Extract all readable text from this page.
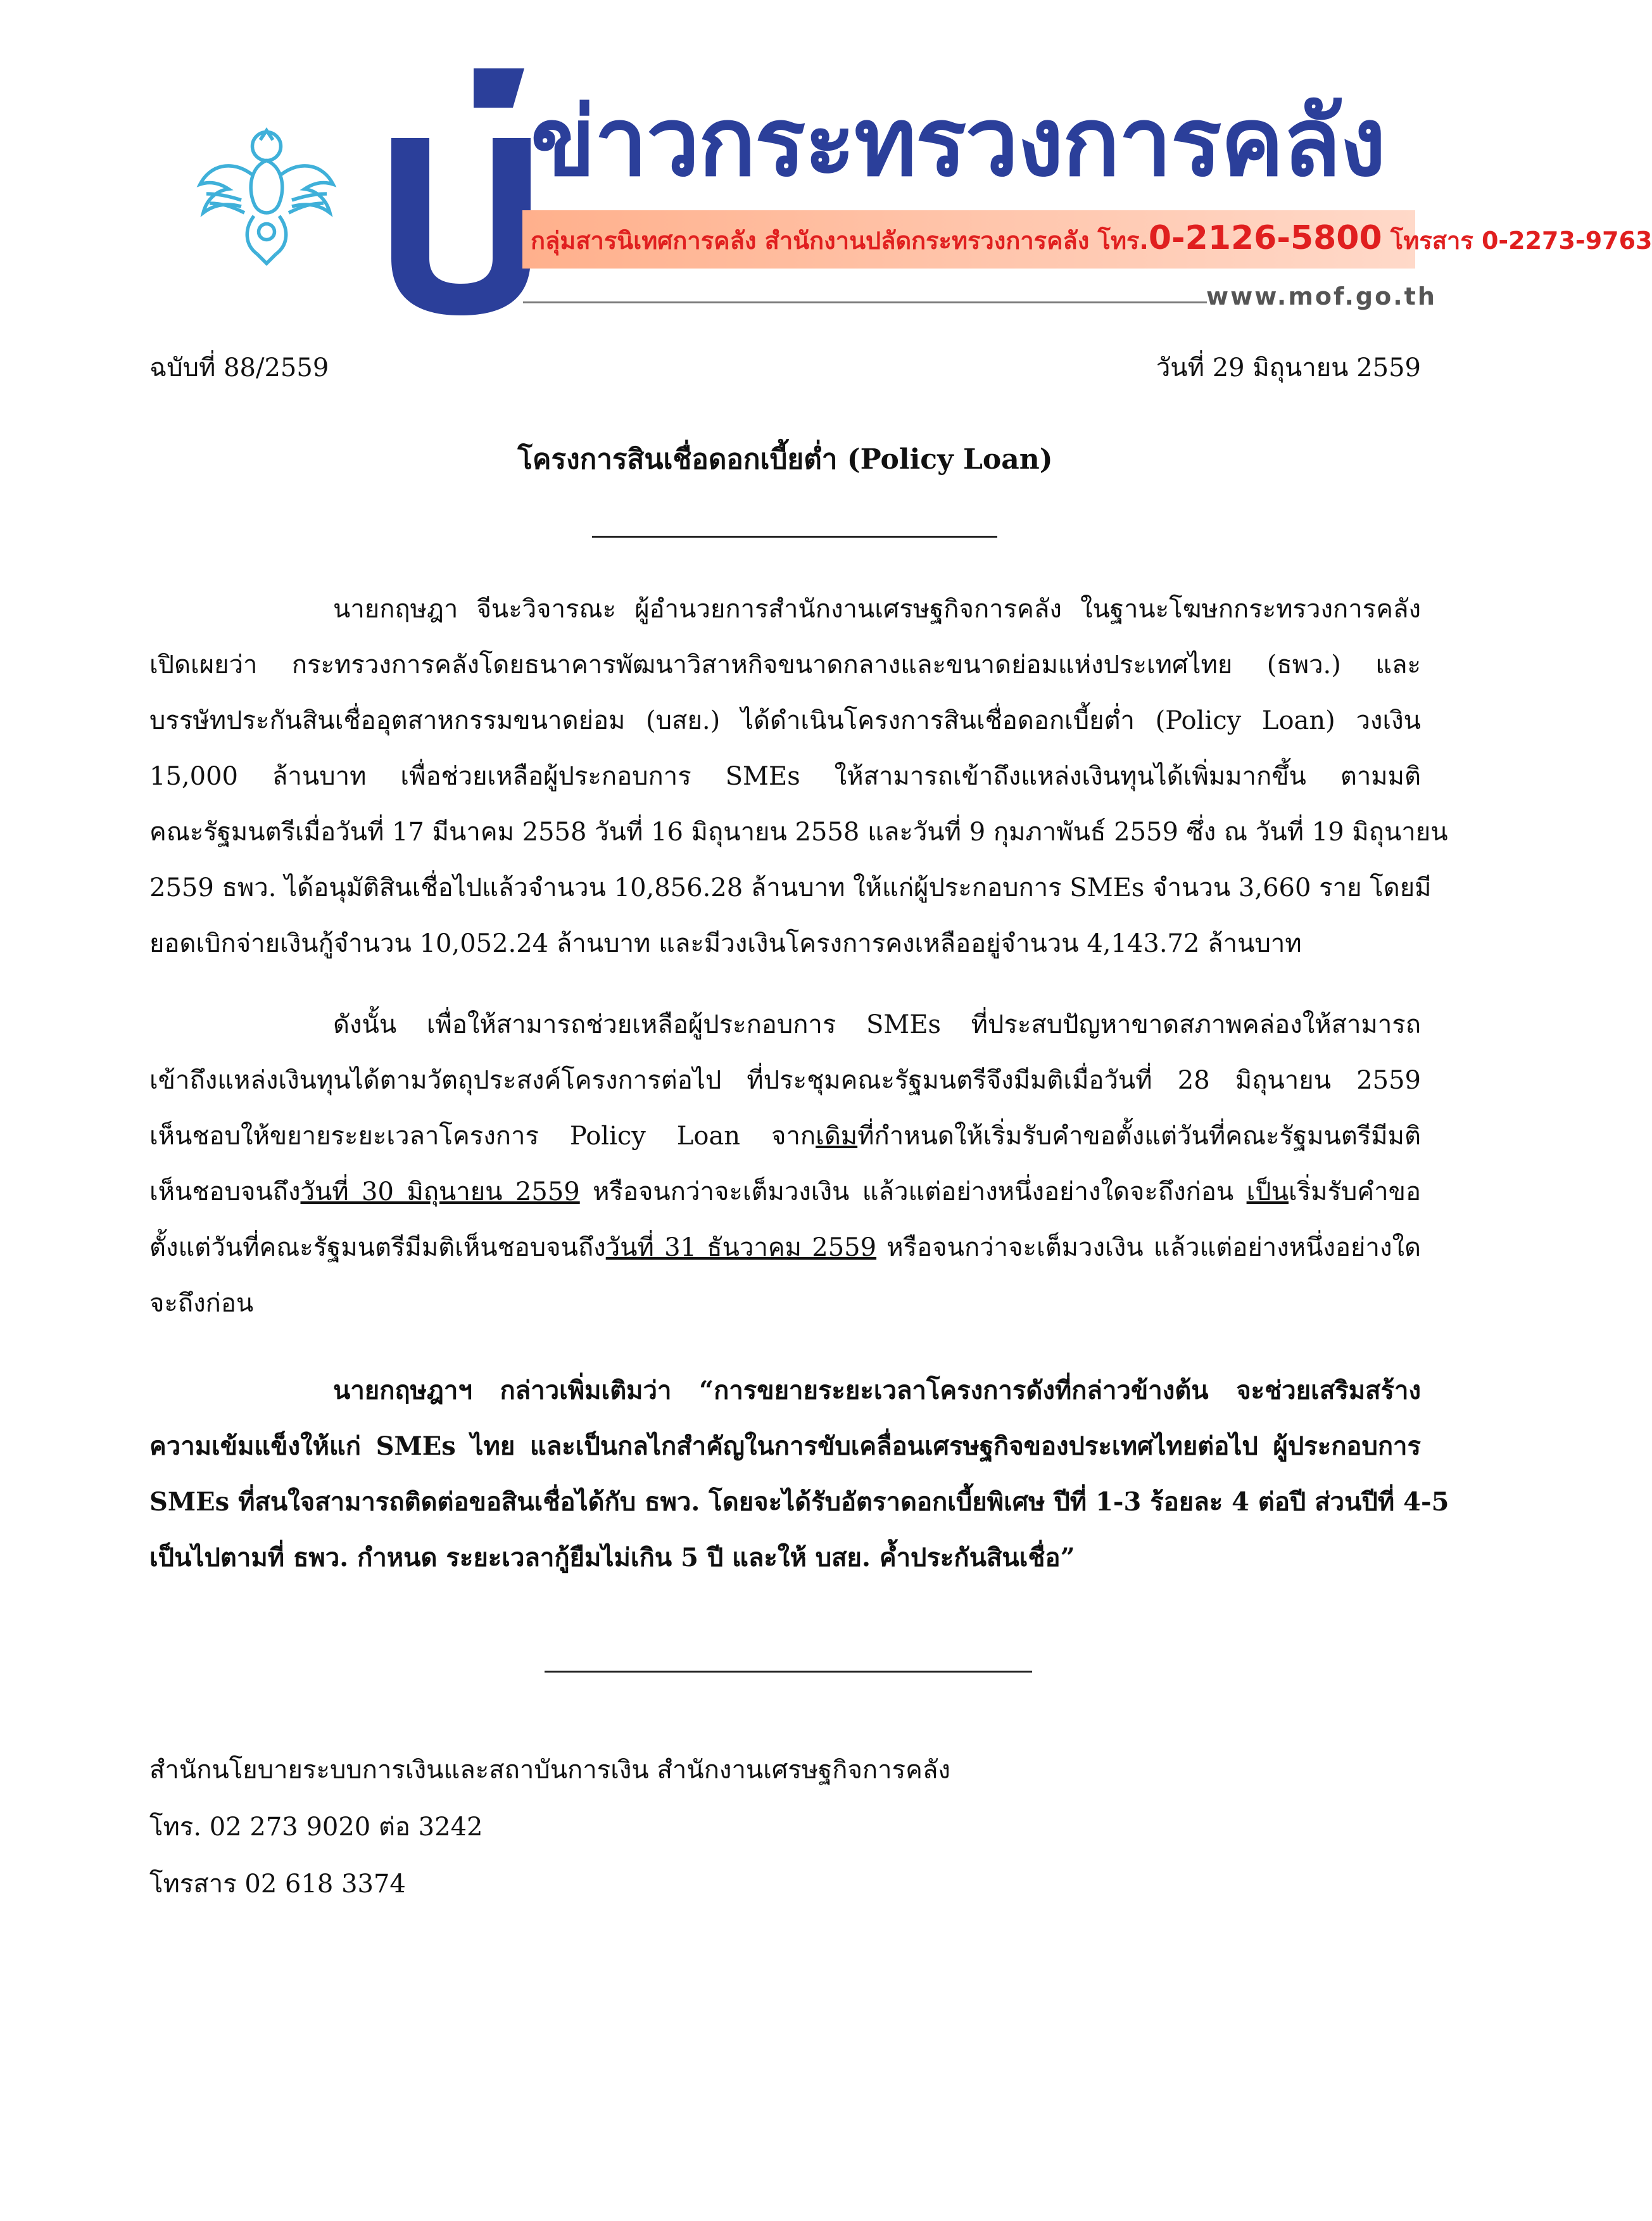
ข่าวกระทรวงการคลัง
กลุ่มสารนิเทศการคลัง สำนักงานปลัดกระทรวงการคลัง โทร.0-2126-5800 โทรสาร 0-2273-9763
www.mof.go.th
ฉบับที่ 88/2559	วันที่ 29 มิถุนายน 2559
โครงการสินเชื่อดอกเบี้ยต่ำ (Policy Loan)
นายกฤษฎา จีนะวิจารณะ ผู้อำนวยการสำนักงานเศรษฐกิจการคลัง ในฐานะโฆษกกระทรวงการคลัง
เปิดเผยว่า กระทรวงการคลังโดยธนาคารพัฒนาวิสาหกิจขนาดกลางและขนาดย่อมแห่งประเทศไทย (ธพว.) และ
บรรษัทประกันสินเชื่ออุตสาหกรรมขนาดย่อม (บสย.) ได้ดำเนินโครงการสินเชื่อดอกเบี้ยต่ำ (Policy Loan) วงเงิน
15,000 ล้านบาท เพื่อช่วยเหลือผู้ประกอบการ SMEs ให้สามารถเข้าถึงแหล่งเงินทุนได้เพิ่มมากขึ้น ตามมติ
คณะรัฐมนตรีเมื่อวันที่ 17 มีนาคม 2558 วันที่ 16 มิถุนายน 2558 และวันที่ 9 กุมภาพันธ์ 2559 ซึ่ง ณ วันที่ 19 มิถุนายน
2559 ธพว. ได้อนุมัติสินเชื่อไปแล้วจำนวน 10,856.28 ล้านบาท ให้แก่ผู้ประกอบการ SMEs จำนวน 3,660 ราย โดยมี
ยอดเบิกจ่ายเงินกู้จำนวน 10,052.24 ล้านบาท และมีวงเงินโครงการคงเหลืออยู่จำนวน 4,143.72 ล้านบาท
ดังนั้น เพื่อให้สามารถช่วยเหลือผู้ประกอบการ SMEs ที่ประสบปัญหาขาดสภาพคล่องให้สามารถ
เข้าถึงแหล่งเงินทุนได้ตามวัตถุประสงค์โครงการต่อไป ที่ประชุมคณะรัฐมนตรีจึงมีมติเมื่อวันที่ 28 มิถุนายน 2559
เห็นชอบให้ขยายระยะเวลาโครงการ Policy Loan จากเดิมที่กำหนดให้เริ่มรับคำขอตั้งแต่วันที่คณะรัฐมนตรีมีมติ
เห็นชอบจนถึงวันที่ 30 มิถุนายน 2559 หรือจนกว่าจะเต็มวงเงิน แล้วแต่อย่างหนึ่งอย่างใดจะถึงก่อน เป็นเริ่มรับคำขอ
ตั้งแต่วันที่คณะรัฐมนตรีมีมติเห็นชอบจนถึงวันที่ 31 ธันวาคม 2559 หรือจนกว่าจะเต็มวงเงิน แล้วแต่อย่างหนึ่งอย่างใด
จะถึงก่อน
นายกฤษฎาฯ กล่าวเพิ่มเติมว่า “การขยายระยะเวลาโครงการดังที่กล่าวข้างต้น จะช่วยเสริมสร้าง
ความเข้มแข็งให้แก่ SMEs ไทย และเป็นกลไกสำคัญในการขับเคลื่อนเศรษฐกิจของประเทศไทยต่อไป ผู้ประกอบการ
SMEs ที่สนใจสามารถติดต่อขอสินเชื่อได้กับ ธพว. โดยจะได้รับอัตราดอกเบี้ยพิเศษ ปีที่ 1-3 ร้อยละ 4 ต่อปี ส่วนปีที่ 4-5
เป็นไปตามที่ ธพว. กำหนด ระยะเวลากู้ยืมไม่เกิน 5 ปี และให้ บสย. ค้ำประกันสินเชื่อ”
สำนักนโยบายระบบการเงินและสถาบันการเงิน สำนักงานเศรษฐกิจการคลัง
โทร. 02 273 9020 ต่อ 3242
โทรสาร 02 618 3374
